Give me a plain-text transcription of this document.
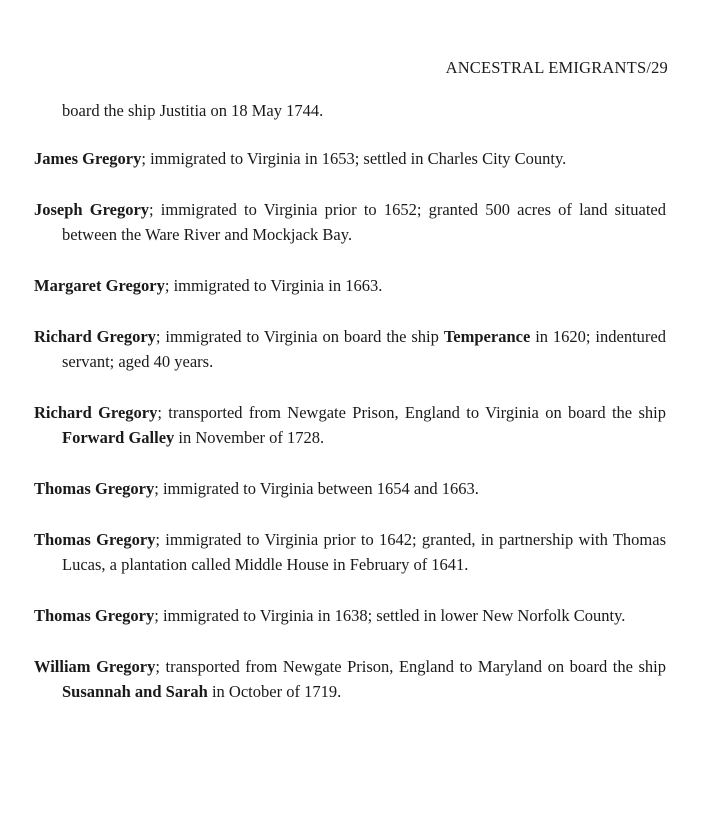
ANCESTRAL EMIGRANTS/29
board the ship Justitia on 18 May 1744.

James Gregory; immigrated to Virginia in 1653; settled in Charles City County.

Joseph Gregory; immigrated to Virginia prior to 1652; granted 500 acres of land situated between the Ware River and Mockjack Bay.

Margaret Gregory; immigrated to Virginia in 1663.

Richard Gregory; immigrated to Virginia on board the ship Temperance in 1620; indentured servant; aged 40 years.

Richard Gregory; transported from Newgate Prison, England to Virginia on board the ship Forward Galley in November of 1728.

Thomas Gregory; immigrated to Virginia between 1654 and 1663.

Thomas Gregory; immigrated to Virginia prior to 1642; granted, in partnership with Thomas Lucas, a plantation called Middle House in February of 1641.

Thomas Gregory; immigrated to Virginia in 1638; settled in lower New Norfolk County.

William Gregory; transported from Newgate Prison, England to Maryland on board the ship Susannah and Sarah in October of 1719.
